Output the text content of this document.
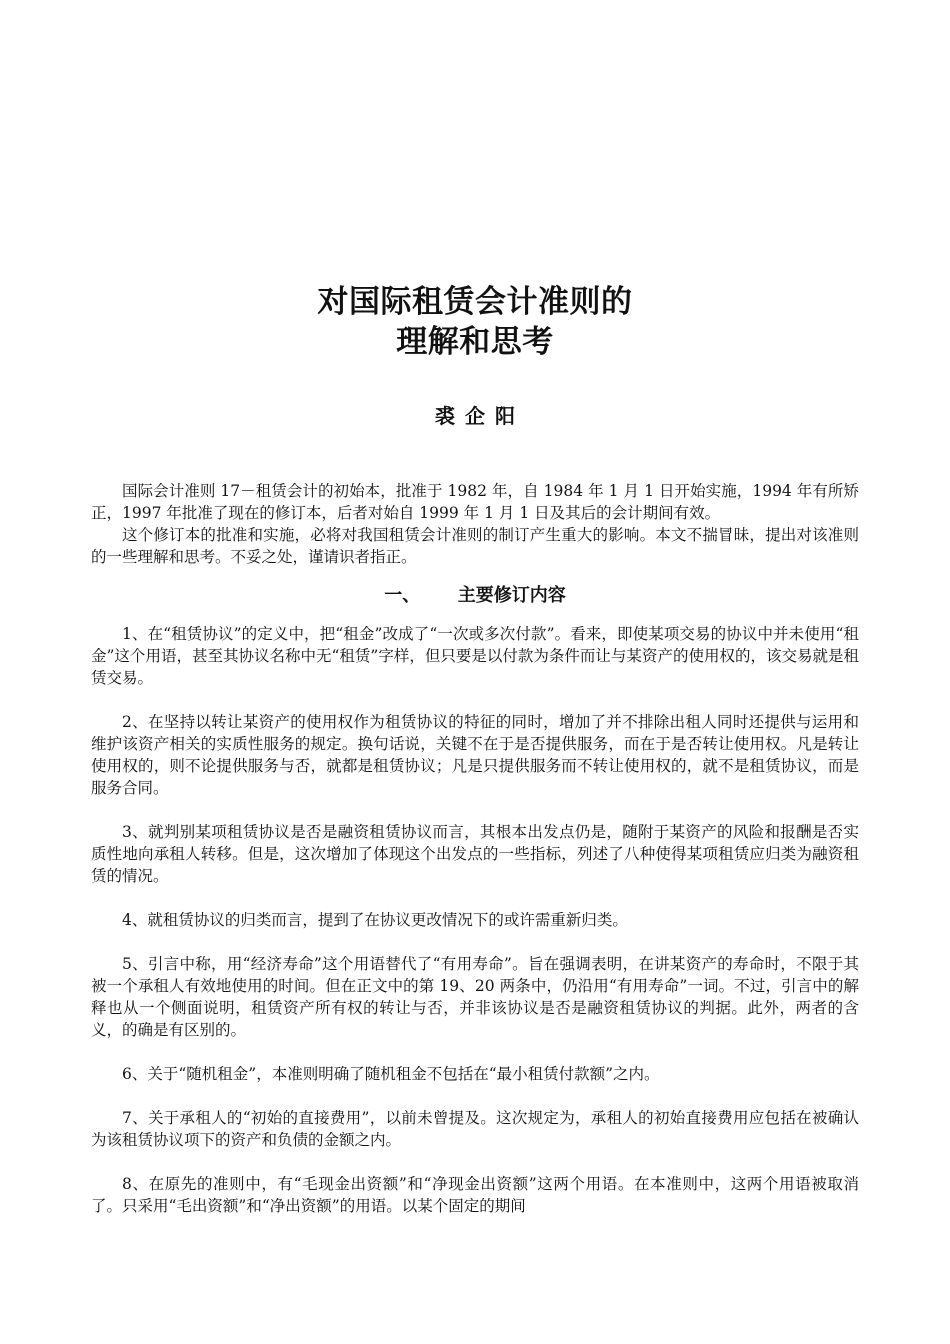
对国际租赁会计准则的
理解和思考
裘企阳

国际会计准则 17－租赁会计的初始本，批准于 1982 年，自 1984 年 1 月 1 日开始实施，1994 年有所矫正，1997 年批准了现在的修订本，后者对始自 1999 年 1 月 1 日及其后的会计期间有效。

这个修订本的批准和实施，必将对我国租赁会计准则的制订产生重大的影响。本文不揣冒昧，提出对该准则的一些理解和思考。不妥之处，谨请识者指正。

一、 主要修订内容

1、在“租赁协议”的定义中，把“租金”改成了“一次或多次付款”。看来，即使某项交易的协议中并未使用“租金”这个用语，甚至其协议名称中无“租赁”字样，但只要是以付款为条件而让与某资产的使用权的，该交易就是租赁交易。

2、在坚持以转让某资产的使用权作为租赁协议的特征的同时，增加了并不排除出租人同时还提供与运用和维护该资产相关的实质性服务的规定。换句话说，关键不在于是否提供服务，而在于是否转让使用权。凡是转让使用权的，则不论提供服务与否，就都是租赁协议；凡是只提供服务而不转让使用权的，就不是租赁协议，而是服务合同。

3、就判别某项租赁协议是否是融资租赁协议而言，其根本出发点仍是，随附于某资产的风险和报酬是否实质性地向承租人转移。但是，这次增加了体现这个出发点的一些指标，列述了八种使得某项租赁应归类为融资租赁的情况。

4、就租赁协议的归类而言，提到了在协议更改情况下的或许需重新归类。

5、引言中称，用“经济寿命”这个用语替代了“有用寿命”。旨在强调表明，在讲某资产的寿命时，不限于其被一个承租人有效地使用的时间。但在正文中的第 19、20 两条中，仍沿用“有用寿命”一词。不过，引言中的解释也从一个侧面说明，租赁资产所有权的转让与否，并非该协议是否是融资租赁协议的判据。此外，两者的含义，的确是有区别的。

6、关于“随机租金”，本准则明确了随机租金不包括在“最小租赁付款额”之内。

7、关于承租人的“初始的直接费用”，以前未曾提及。这次规定为，承租人的初始直接费用应包括在被确认为该租赁协议项下的资产和负债的金额之内。

8、在原先的准则中，有“毛现金出资额”和“净现金出资额”这两个用语。在本准则中，这两个用语被取消了。只采用“毛出资额”和“净出资额”的用语。以某个固定的期间
